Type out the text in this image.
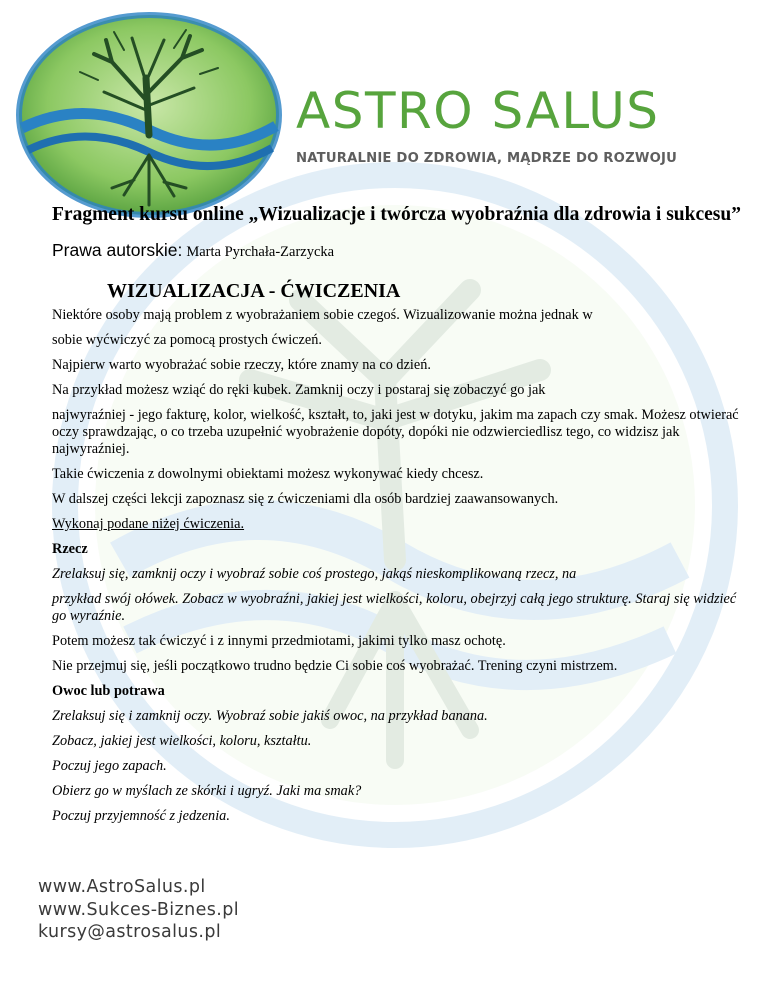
ASTRO SALUS
NATURALNIE DO ZDROWIA, MĄDRZE DO ROZWOJU
Fragment kursu online „Wizualizacje i twórcza wyobraźnia dla zdrowia i sukcesu”
Prawa autorskie: Marta Pyrchała-Zarzycka
WIZUALIZACJA - ĆWICZENIA

Niektóre osoby mają problem z wyobrażaniem sobie czegoś. Wizualizowanie można jednak w

sobie wyćwiczyć za pomocą prostych ćwiczeń.

Najpierw warto wyobrażać sobie rzeczy, które znamy na co dzień.

Na przykład możesz wziąć do ręki kubek. Zamknij oczy i postaraj się zobaczyć go jak

najwyraźniej - jego fakturę, kolor, wielkość, kształt, to, jaki jest w dotyku, jakim ma zapach czy smak. Możesz otwierać oczy sprawdzając, o co trzeba uzupełnić wyobrażenie dopóty, dopóki nie odzwierciedlisz tego, co widzisz jak najwyraźniej.

Takie ćwiczenia z dowolnymi obiektami możesz wykonywać kiedy chcesz.

W dalszej części lekcji zapoznasz się z ćwiczeniami dla osób bardziej zaawansowanych.

Wykonaj podane niżej ćwiczenia.

Rzecz

Zrelaksuj się, zamknij oczy i wyobraź sobie coś prostego, jakąś nieskomplikowaną rzecz, na

przykład swój ołówek. Zobacz w wyobraźni, jakiej jest wielkości, koloru, obejrzyj całą jego strukturę. Staraj się widzieć go wyraźnie.

Potem możesz tak ćwiczyć i z innymi przedmiotami, jakimi tylko masz ochotę.

Nie przejmuj się, jeśli początkowo trudno będzie Ci sobie coś wyobrażać. Trening czyni mistrzem.

Owoc lub potrawa

Zrelaksuj się i zamknij oczy. Wyobraź sobie jakiś owoc, na przykład banana.

Zobacz, jakiej jest wielkości, koloru, kształtu.

Poczuj jego zapach.

Obierz go w myślach ze skórki i ugryź. Jaki ma smak?

Poczuj przyjemność z jedzenia.

www.AstroSalus.pl
www.Sukces-Biznes.pl
kursy@astrosalus.pl
